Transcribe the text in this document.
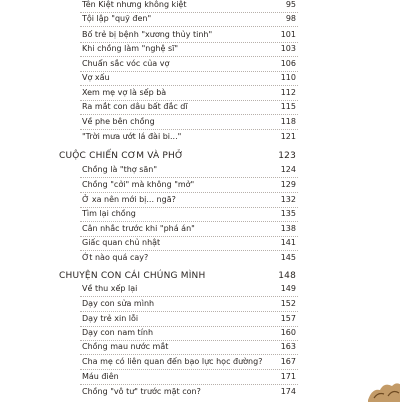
Tên Kiệt nhưng không kiệt	95
Tội lập "quỹ đen"	98
Bố trẻ bị bệnh "xương thủy tinh"	101
Khi chồng làm "nghệ sĩ"	103
Chuẩn sắc vóc của vợ	106
Vợ xấu	110
Xem mẹ vợ là sếp bà	112
Ra mắt con dâu bất đắc dĩ	115
Về phe bên chồng	118
"Trời mưa ướt lá đài bi..."	121
CUỘC CHIẾN CƠM VÀ PHỞ	123
Chồng là "thợ săn"	124
Chồng "cởi" mà không "mở"	129
Ở xa nên mới bị... ngã?	132
Tìm lại chồng	135
Cân nhắc trước khi "phá án"	138
Giấc quan chủ nhật	141
Ớt nào quá cay?	145
CHUYỆN CON CÁI CHÚNG MÌNH	148
Về thu xếp lại	149
Dạy con sửa mình	152
Dạy trẻ xin lỗi	157
Dạy con nam tính	160
Chồng mau nước mắt	163
Cha mẹ có liên quan đến bạo lực học đường? 167
Máu điên	171
Chồng "vô tư" trước mặt con?	174
